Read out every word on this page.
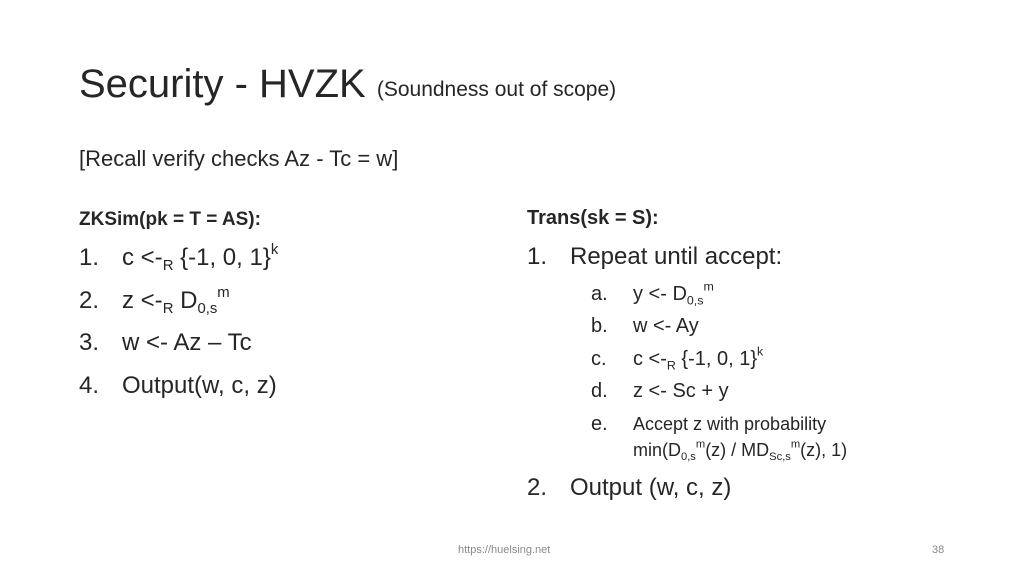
Security - HVZK (Soundness out of scope)
[Recall verify checks Az - Tc = w]
ZKSim(pk = T = AS):
1. $c <-_R$ {-1, 0, 1}$^k$
2. $z <-_R$ $D_{0,s}^m$
3. w <- Az – Tc
4. Output(w, c, z)
Trans(sk = S):
1. Repeat until accept:
a.	$y <- D_{0,s}^m$
b.	w <- Ay
c.	$c <-_R$ {-1, 0, 1}$^k$
d.	z <- Sc + y
e.	Accept z with probability
$\min(D_{0,s}^m(z) / MD_{Sc,s}^m(z)$, 1)
2. Output (w, c, z)
https://huelsing.net	38
